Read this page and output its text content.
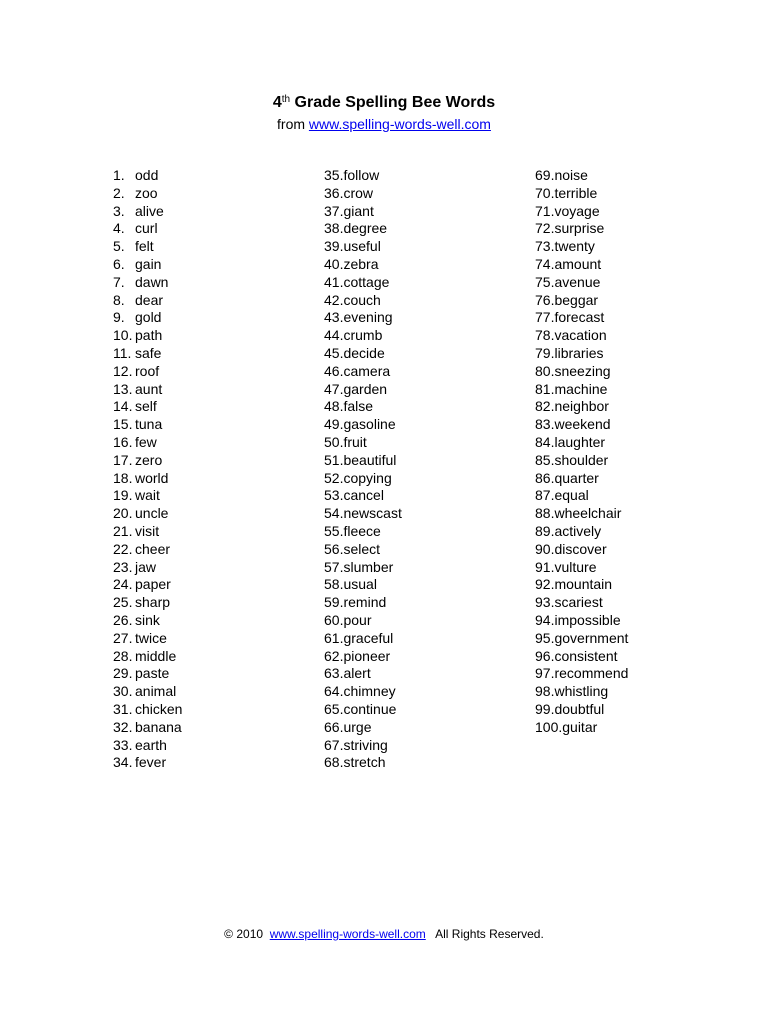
4th Grade Spelling Bee Words
from www.spelling-words-well.com
1. odd
2. zoo
3. alive
4. curl
5. felt
6. gain
7. dawn
8. dear
9. gold
10. path
11. safe
12. roof
13. aunt
14. self
15. tuna
16. few
17. zero
18. world
19. wait
20. uncle
21. visit
22. cheer
23. jaw
24. paper
25. sharp
26. sink
27. twice
28. middle
29. paste
30. animal
31. chicken
32. banana
33. earth
34. fever
35.follow
36.crow
37.giant
38.degree
39.useful
40.zebra
41.cottage
42.couch
43.evening
44.crumb
45.decide
46.camera
47.garden
48.false
49.gasoline
50.fruit
51.beautiful
52.copying
53.cancel
54.newscast
55.fleece
56.select
57.slumber
58.usual
59.remind
60.pour
61.graceful
62.pioneer
63.alert
64.chimney
65.continue
66.urge
67.striving
68.stretch
69.noise
70.terrible
71.voyage
72.surprise
73.twenty
74.amount
75.avenue
76.beggar
77.forecast
78.vacation
79.libraries
80.sneezing
81.machine
82.neighbor
83.weekend
84.laughter
85.shoulder
86.quarter
87.equal
88.wheelchair
89.actively
90.discover
91.vulture
92.mountain
93.scariest
94.impossible
95.government
96.consistent
97.recommend
98.whistling
99.doubtful
100.guitar
© 2010  www.spelling-words-well.com   All Rights Reserved.
